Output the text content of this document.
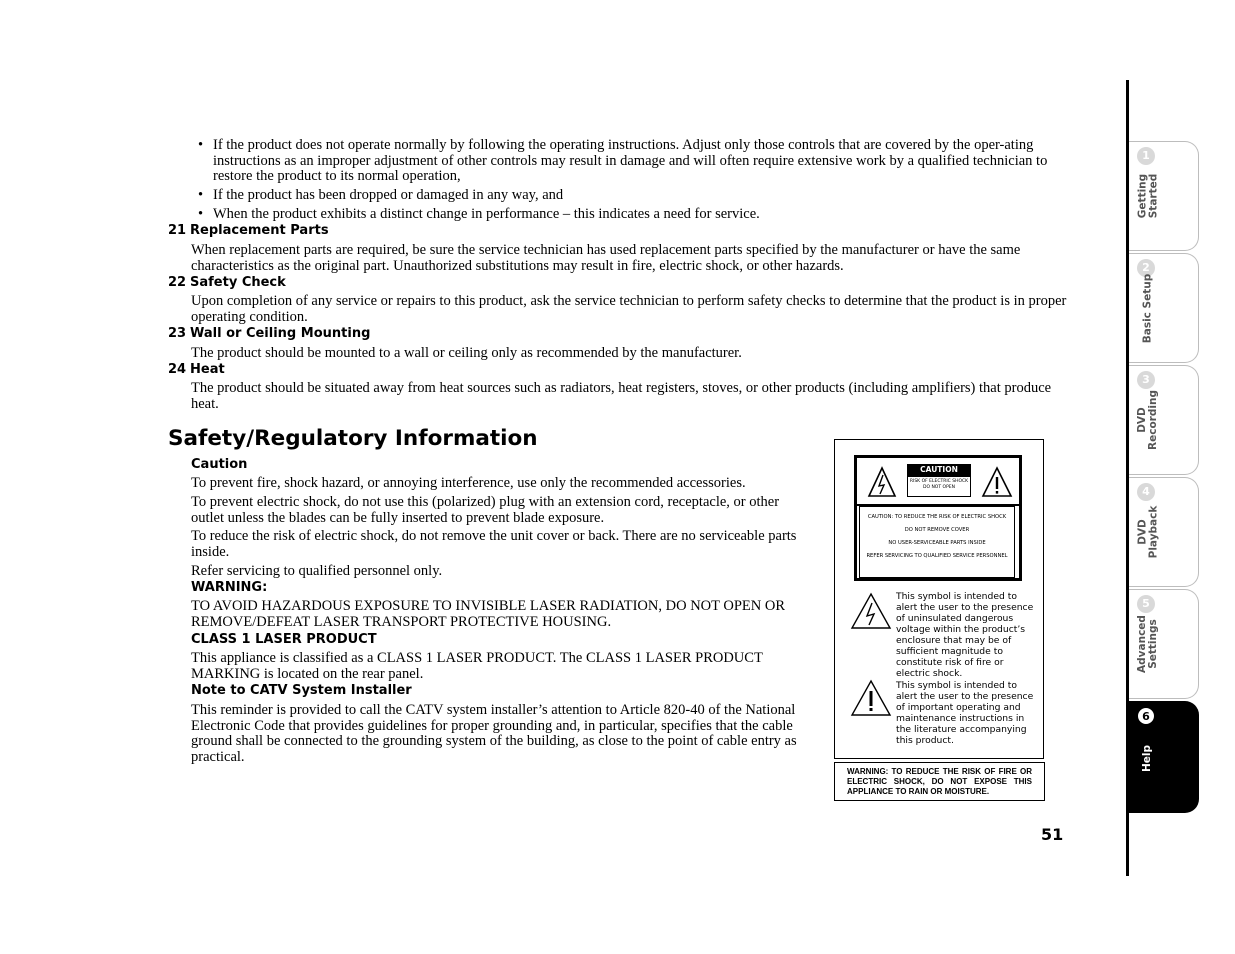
• If the product does not operate normally by following the operating instructions. Adjust only those controls that are covered by the oper-ating instructions as an improper adjustment of other controls may result in damage and will often require extensive work by a qualified technician to restore the product to its normal operation,
• If the product has been dropped or damaged in any way, and
• When the product exhibits a distinct change in performance – this indicates a need for service.
21 Replacement Parts
When replacement parts are required, be sure the service technician has used replacement parts specified by the manufacturer or have the same characteristics as the original part. Unauthorized substitutions may result in fire, electric shock, or other hazards.
22 Safety Check
Upon completion of any service or repairs to this product, ask the service technician to perform safety checks to determine that the product is in proper operating condition.
23 Wall or Ceiling Mounting
The product should be mounted to a wall or ceiling only as recommended by the manufacturer.
24 Heat
The product should be situated away from heat sources such as radiators, heat registers, stoves, or other products (including amplifiers) that produce heat.
Safety/Regulatory Information
Caution
To prevent fire, shock hazard, or annoying interference, use only the recommended accessories.
To prevent electric shock, do not use this (polarized) plug with an extension cord, receptacle, or other outlet unless the blades can be fully inserted to prevent blade exposure.
To reduce the risk of electric shock, do not remove the unit cover or back. There are no serviceable parts inside.
Refer servicing to qualified personnel only.
WARNING:
TO AVOID HAZARDOUS EXPOSURE TO INVISIBLE LASER RADIATION, DO NOT OPEN OR REMOVE/DEFEAT LASER TRANSPORT PROTECTIVE HOUSING.
CLASS 1 LASER PRODUCT
This appliance is classified as a CLASS 1 LASER PRODUCT. The CLASS 1 LASER PRODUCT MARKING is located on the rear panel.
Note to CATV System Installer
This reminder is provided to call the CATV system installer’s attention to Article 820-40 of the National Electronic Code that provides guidelines for proper grounding and, in particular, specifies that the cable ground shall be connected to the grounding system of the building, as close to the point of cable entry as practical.
CAUTION
RISK OF ELECTRIC SHOCK DO NOT OPEN
CAUTION: TO REDUCE THE RISK OF ELECTRIC SHOCK
DO NOT REMOVE COVER
NO USER-SERVICEABLE PARTS INSIDE
REFER SERVICING TO QUALIFIED SERVICE PERSONNEL
This symbol is intended to alert the user to the presence of uninsulated dangerous voltage within the product’s enclosure that may be of sufficient magnitude to constitute risk of fire or electric shock.
This symbol is intended to alert the user to the presence of important operating and maintenance instructions in the literature accompanying this product.
WARNING: TO REDUCE THE RISK OF FIRE OR ELECTRIC SHOCK, DO NOT EXPOSE THIS APPLIANCE TO RAIN OR MOISTURE.
1
Getting
Started
2
Basic Setup
3
DVD
Recording
4
DVD
Playback
5
Advanced
Settings
6
Help
51
